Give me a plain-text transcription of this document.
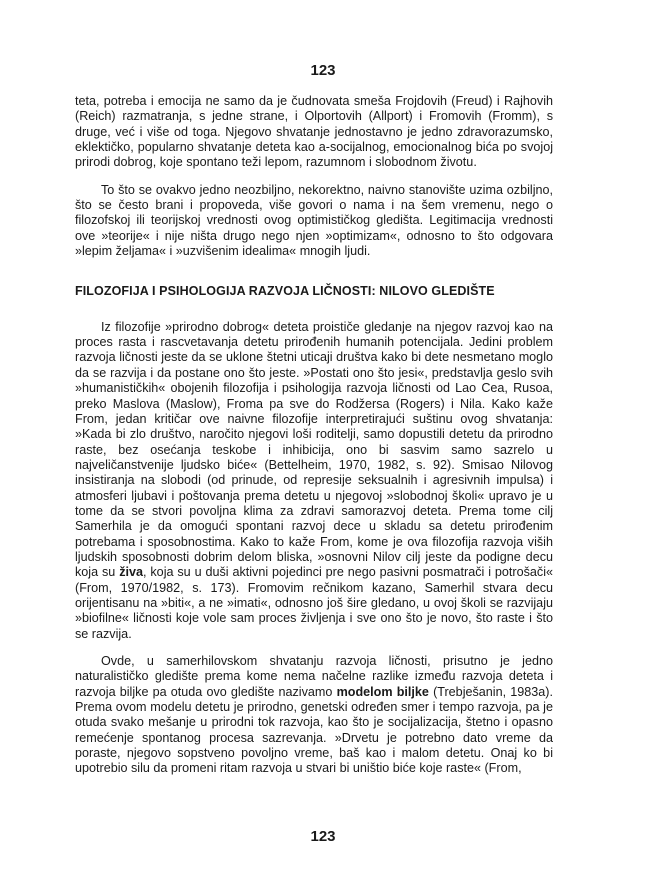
123

teta, potreba i emocija ne samo da je čudnovata smeša Frojdovih (Freud) i Rajhovih (Reich) razmatranja, s jedne strane, i Olportovih (Allport) i Fromovih (Fromm), s druge, već i više od toga. Njegovo shvatanje jednostavno je jedno zdravorazumsko, eklektičko, popularno shvatanje deteta kao a-socijalnog, emocionalnog bića po svojoj prirodi dobrog, koje spontano teži lepom, razumnom i slobodnom životu.

To što se ovakvo jedno neozbiljno, nekorektno, naivno stanovište uzima ozbiljno, što se često brani i propoveda, više govori o nama i na šem vremenu, nego o filozofskoj ili teorijskoj vrednosti ovog optimističkog gledišta. Legitimacija vrednosti ove »teorije« i nije ništa drugo nego njen »optimizam«, odnosno to što odgovara »lepim željama« i »uzvišenim idealima« mnogih ljudi.

FILOZOFIJA I PSIHOLOGIJA RAZVOJA LIČNOSTI: NILOVO GLEDIŠTE

Iz filozofije »prirodno dobrog« deteta proističe gledanje na njegov razvoj kao na proces rasta i rascvetavanja detetu prirođenih humanih potencijala. Jedini problem razvoja ličnosti jeste da se uklone štetni uticaji društva kako bi dete nesmetano moglo da se razvija i da postane ono što jeste. »Postati ono što jesi«, predstavlja geslo svih »humanističkih« obojenih filozofija i psihologija razvoja ličnosti od Lao Cea, Rusoa, preko Maslova (Maslow), Froma pa sve do Rodžersa (Rogers) i Nila. Kako kaže From, jedan kritičar ove naivne filozofije interpretirajući suštinu ovog shvatanja: »Kada bi zlo društvo, naročito njegovi loši roditelji, samo dopustili detetu da prirodno raste, bez osećanja teskobe i inhibicija, ono bi sasvim samo sazrelo u najveličanstvenije ljudsko biće« (Bettelheim, 1970, 1982, s. 92). Smisao Nilovog insistiranja na slobodi (od prinude, od represije seksualnih i agresivnih impulsa) i atmosferi ljubavi i poštovanja prema detetu u njegovoj »slobodnoj školi« upravo je u tome da se stvori povoljna klima za zdravi samorazvoj deteta. Prema tome cilj Samerhila je da omogući spontani razvoj dece u skladu sa detetu prirođenim potrebama i sposobnostima. Kako to kaže From, kome je ova filozofija razvoja viših ljudskih sposobnosti dobrim delom bliska, »osnovni Nilov cilj jeste da podigne decu koja su živa, koja su u duši aktivni pojedinci pre nego pasivni posmatrači i potrošači« (From, 1970/1982, s. 173). Fromovim rečnikom kazano, Samerhil stvara decu orijentisanu na »biti«, a ne »imati«, odnosno još šire gledano, u ovoj školi se razvijaju »biofilne« ličnosti koje vole sam proces življenja i sve ono što je novo, što raste i što se razvija.

Ovde, u samerhilovskom shvatanju razvoja ličnosti, prisutno je jedno naturalističko gledište prema kome nema načelne razlike između razvoja deteta i razvoja biljke pa otuda ovo gledište nazivamo modelom biljke (Trebješanin, 1983a). Prema ovom modelu detetu je prirodno, genetski određen smer i tempo razvoja, pa je otuda svako mešanje u prirodni tok razvoja, kao što je socijalizacija, štetno i opasno remećenje spontanog procesa sazrevanja. »Drvetu je potrebno dato vreme da poraste, njegovo sopstveno povoljno vreme, baš kao i malom detetu. Onaj ko bi upotrebio silu da promeni ritam razvoja u stvari bi uništio biće koje raste« (From,

123
